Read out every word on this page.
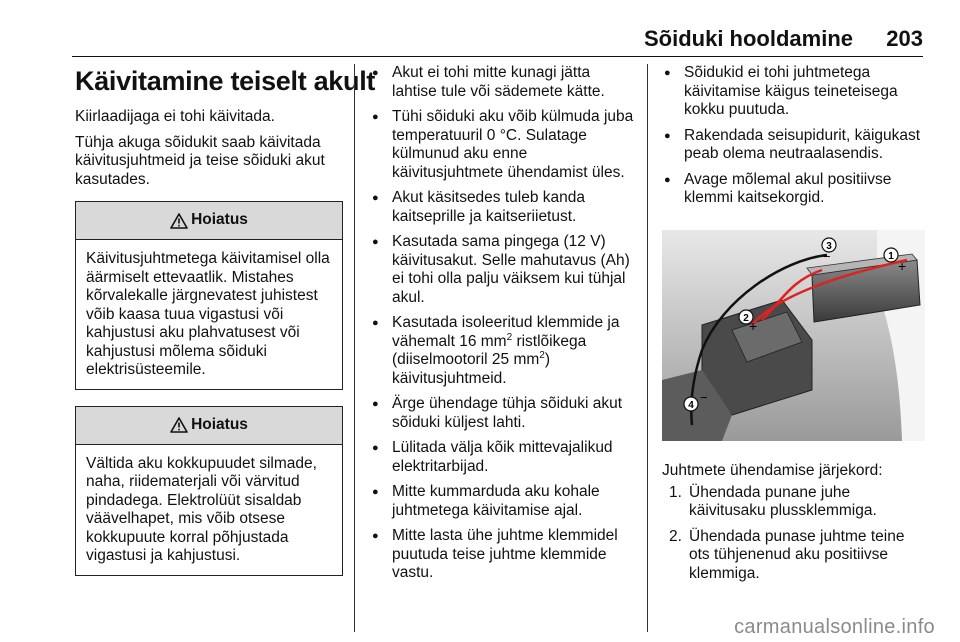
Sõiduki hooldamine 203
Käivitamine teiselt akult

Kiirlaadijaga ei tohi käivitada.

Tühja akuga sõidukit saab käivitada käivitusjuhtmeid ja teise sõiduki akut kasutades.

Hoiatus
Käivitusjuhtmetega käivitamisel olla äärmiselt ettevaatlik. Mistahes kõrvalekalle järgnevatest juhistest võib kaasa tuua vigastusi või kahjustusi aku plahvatusest või kahjustusi mõlema sõiduki elektrisüsteemile.
Hoiatus
Vältida aku kokkupuudet silmade, naha, riidematerjali või värvitud pindadega. Elektrolüüt sisaldab väävelhapet, mis võib otsese kokkupuute korral põhjustada vigastusi ja kahjustusi.
● Akut ei tohi mitte kunagi jätta lahtise tule või sädemete kätte.
● Tühi sõiduki aku võib külmuda juba temperatuuril 0 °C. Sulatage külmunud aku enne käivitusjuhtmete ühendamist üles.
● Akut käsitsedes tuleb kanda kaitseprille ja kaitseriietust.
● Kasutada sama pingega (12 V) käivitusakut. Selle mahutavus (Ah) ei tohi olla palju väiksem kui tühjal akul.
● Kasutada isoleeritud klemmide ja vähemalt 16 $mm^2$ ristlõikega (diiselmootoril 25 $mm^2$) käivitusjuhtmeid.
● Ärge ühendage tühja sõiduki akut sõiduki küljest lahti.
● Lülitada välja kõik mittevajalikud elektritarbijad.
● Mitte kummarduda aku kohale juhtmetega käivitamise ajal.
● Mitte lasta ühe juhtme klemmidel puutuda teise juhtme klemmide vastu.
● Sõidukid ei tohi juhtmetega käivitamise käigus teineteisega kokku puutuda.
● Rakendada seisupidurit, käigukast peab olema neutraalasendis.
● Avage mõlemal akul positiivse klemmi kaitsekorgid.
3
−	1
+
2 +
4
−

Juhtmete ühendamise järjekord:

1. Ühendada punane juhe käivitusaku plussklemmiga.
2. Ühendada punase juhtme teine ots tühjenenud aku positiivse klemmiga.
carmanualsonline.info
